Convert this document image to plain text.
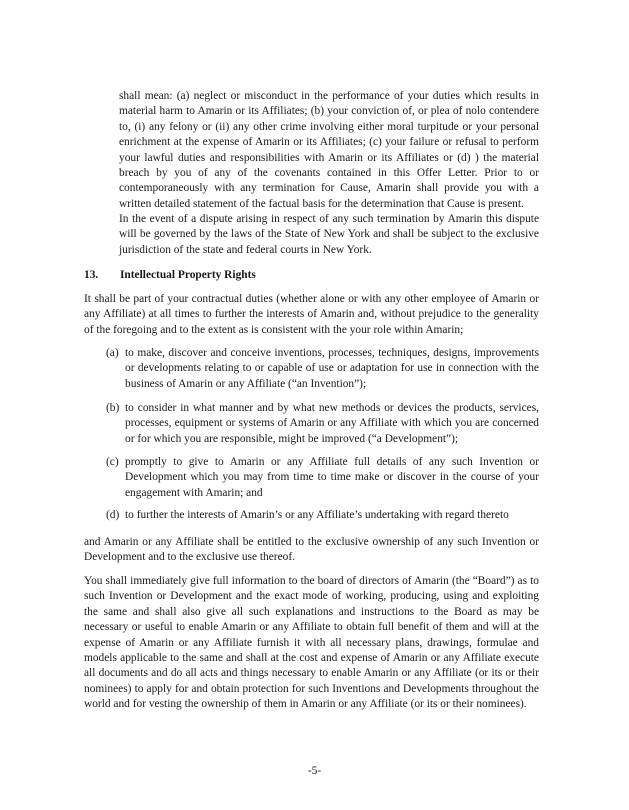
shall mean: (a) neglect or misconduct in the performance of your duties which results in material harm to Amarin or its Affiliates; (b) your conviction of, or plea of nolo contendere to, (i) any felony or (ii) any other crime involving either moral turpitude or your personal enrichment at the expense of Amarin or its Affiliates; (c) your failure or refusal to perform your lawful duties and responsibilities with Amarin or its Affiliates or (d) ) the material breach by you of any of the covenants contained in this Offer Letter. Prior to or contemporaneously with any termination for Cause, Amarin shall provide you with a written detailed statement of the factual basis for the determination that Cause is present.

In the event of a dispute arising in respect of any such termination by Amarin this dispute will be governed by the laws of the State of New York and shall be subject to the exclusive jurisdiction of the state and federal courts in New York.

13. Intellectual Property Rights

It shall be part of your contractual duties (whether alone or with any other employee of Amarin or any Affiliate) at all times to further the interests of Amarin and, without prejudice to the generality of the foregoing and to the extent as is consistent with the your role within Amarin;

(a) to make, discover and conceive inventions, processes, techniques, designs, improvements or developments relating to or capable of use or adaptation for use in connection with the business of Amarin or any Affiliate (“an Invention”);
(b) to consider in what manner and by what new methods or devices the products, services, processes, equipment or systems of Amarin or any Affiliate with which you are concerned or for which you are responsible, might be improved (“a Development”);
(c) promptly to give to Amarin or any Affiliate full details of any such Invention or Development which you may from time to time make or discover in the course of your engagement with Amarin; and
(d) to further the interests of Amarin’s or any Affiliate’s undertaking with regard thereto

and Amarin or any Affiliate shall be entitled to the exclusive ownership of any such Invention or Development and to the exclusive use thereof.

You shall immediately give full information to the board of directors of Amarin (the “Board”) as to such Invention or Development and the exact mode of working, producing, using and exploiting the same and shall also give all such explanations and instructions to the Board as may be necessary or useful to enable Amarin or any Affiliate to obtain full benefit of them and will at the expense of Amarin or any Affiliate furnish it with all necessary plans, drawings, formulae and models applicable to the same and shall at the cost and expense of Amarin or any Affiliate execute all documents and do all acts and things necessary to enable Amarin or any Affiliate (or its or their nominees) to apply for and obtain protection for such Inventions and Developments throughout the world and for vesting the ownership of them in Amarin or any Affiliate (or its or their nominees).

-5-
